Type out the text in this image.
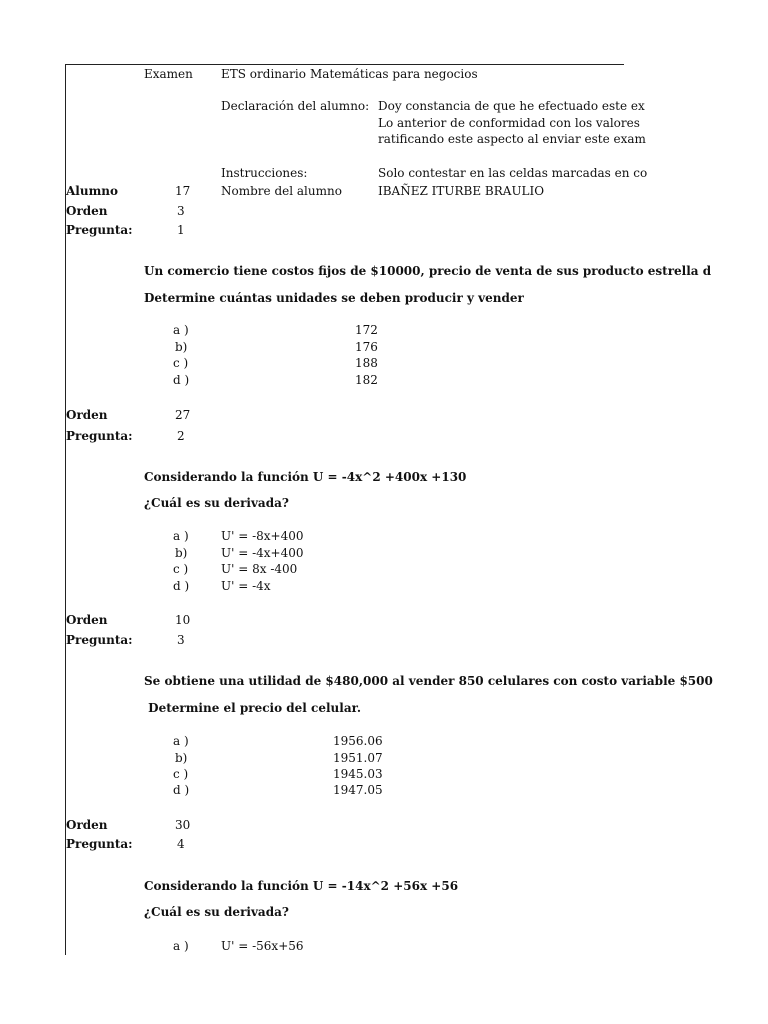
Examen ETS ordinario Matemáticas para negocios
Declaración del alumno: Doy constancia de que he efectuado este ex
Lo anterior de conformidad con los valores
ratificando este aspecto al enviar este exam
Instrucciones:	Solo contestar en las celdas marcadas en co
Alumno	17	Nombre del alumno	IBAÑEZ ITURBE BRAULIO
Orden	3
Pregunta:	1
Un comercio tiene costos fijos de $10000, precio de venta de sus producto estrella d
Determine cuántas unidades se deben producir y vender
a )	172
b)	176
c )	188
d )	182
Orden	27
Pregunta:	2
Considerando la función U = -4x^2 +400x +130
¿Cuál es su derivada?
a )	U' = -8x+400
b)	U' = -4x+400
c )	U' = 8x -400
d )	U' = -4x
Orden	10
Pregunta:	3
Se obtiene una utilidad de $480,000 al vender 850 celulares con costo variable $500
Determine el precio del celular.
a )	1956.06
b)	1951.07
c )	1945.03
d )	1947.05
Orden	30
Pregunta:	4
Considerando la función U = -14x^2 +56x +56
¿Cuál es su derivada?
a )	U' = -56x+56
